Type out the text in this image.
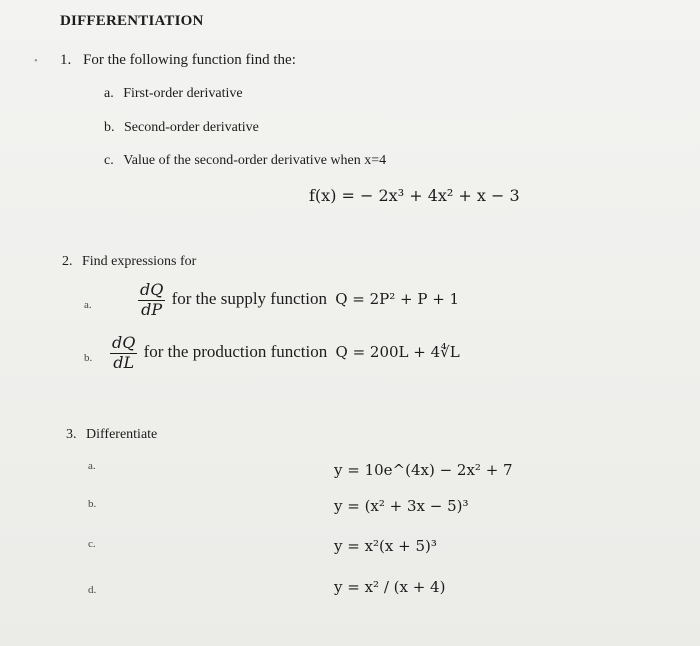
DIFFERENTIATION
• 1. For the following function find the:
a. First-order derivative
b. Second-order derivative
c. Value of the second-order derivative when x=4
f(x) = − 2x³ + 4x² + x − 3
2. Find expressions for
a.	$\frac{dQ}{dP}$ for the supply function Q = 2P² + P + 1
b. $\frac{dQ}{dL}$ for the production function Q = 200L + 4∜L
3. Differentiate
a.	y = 10e^(4x) − 2x² + 7
b.	y = (x² + 3x − 5)³
c.	y = x²(x + 5)³
d.	y = x² / (x + 4)
